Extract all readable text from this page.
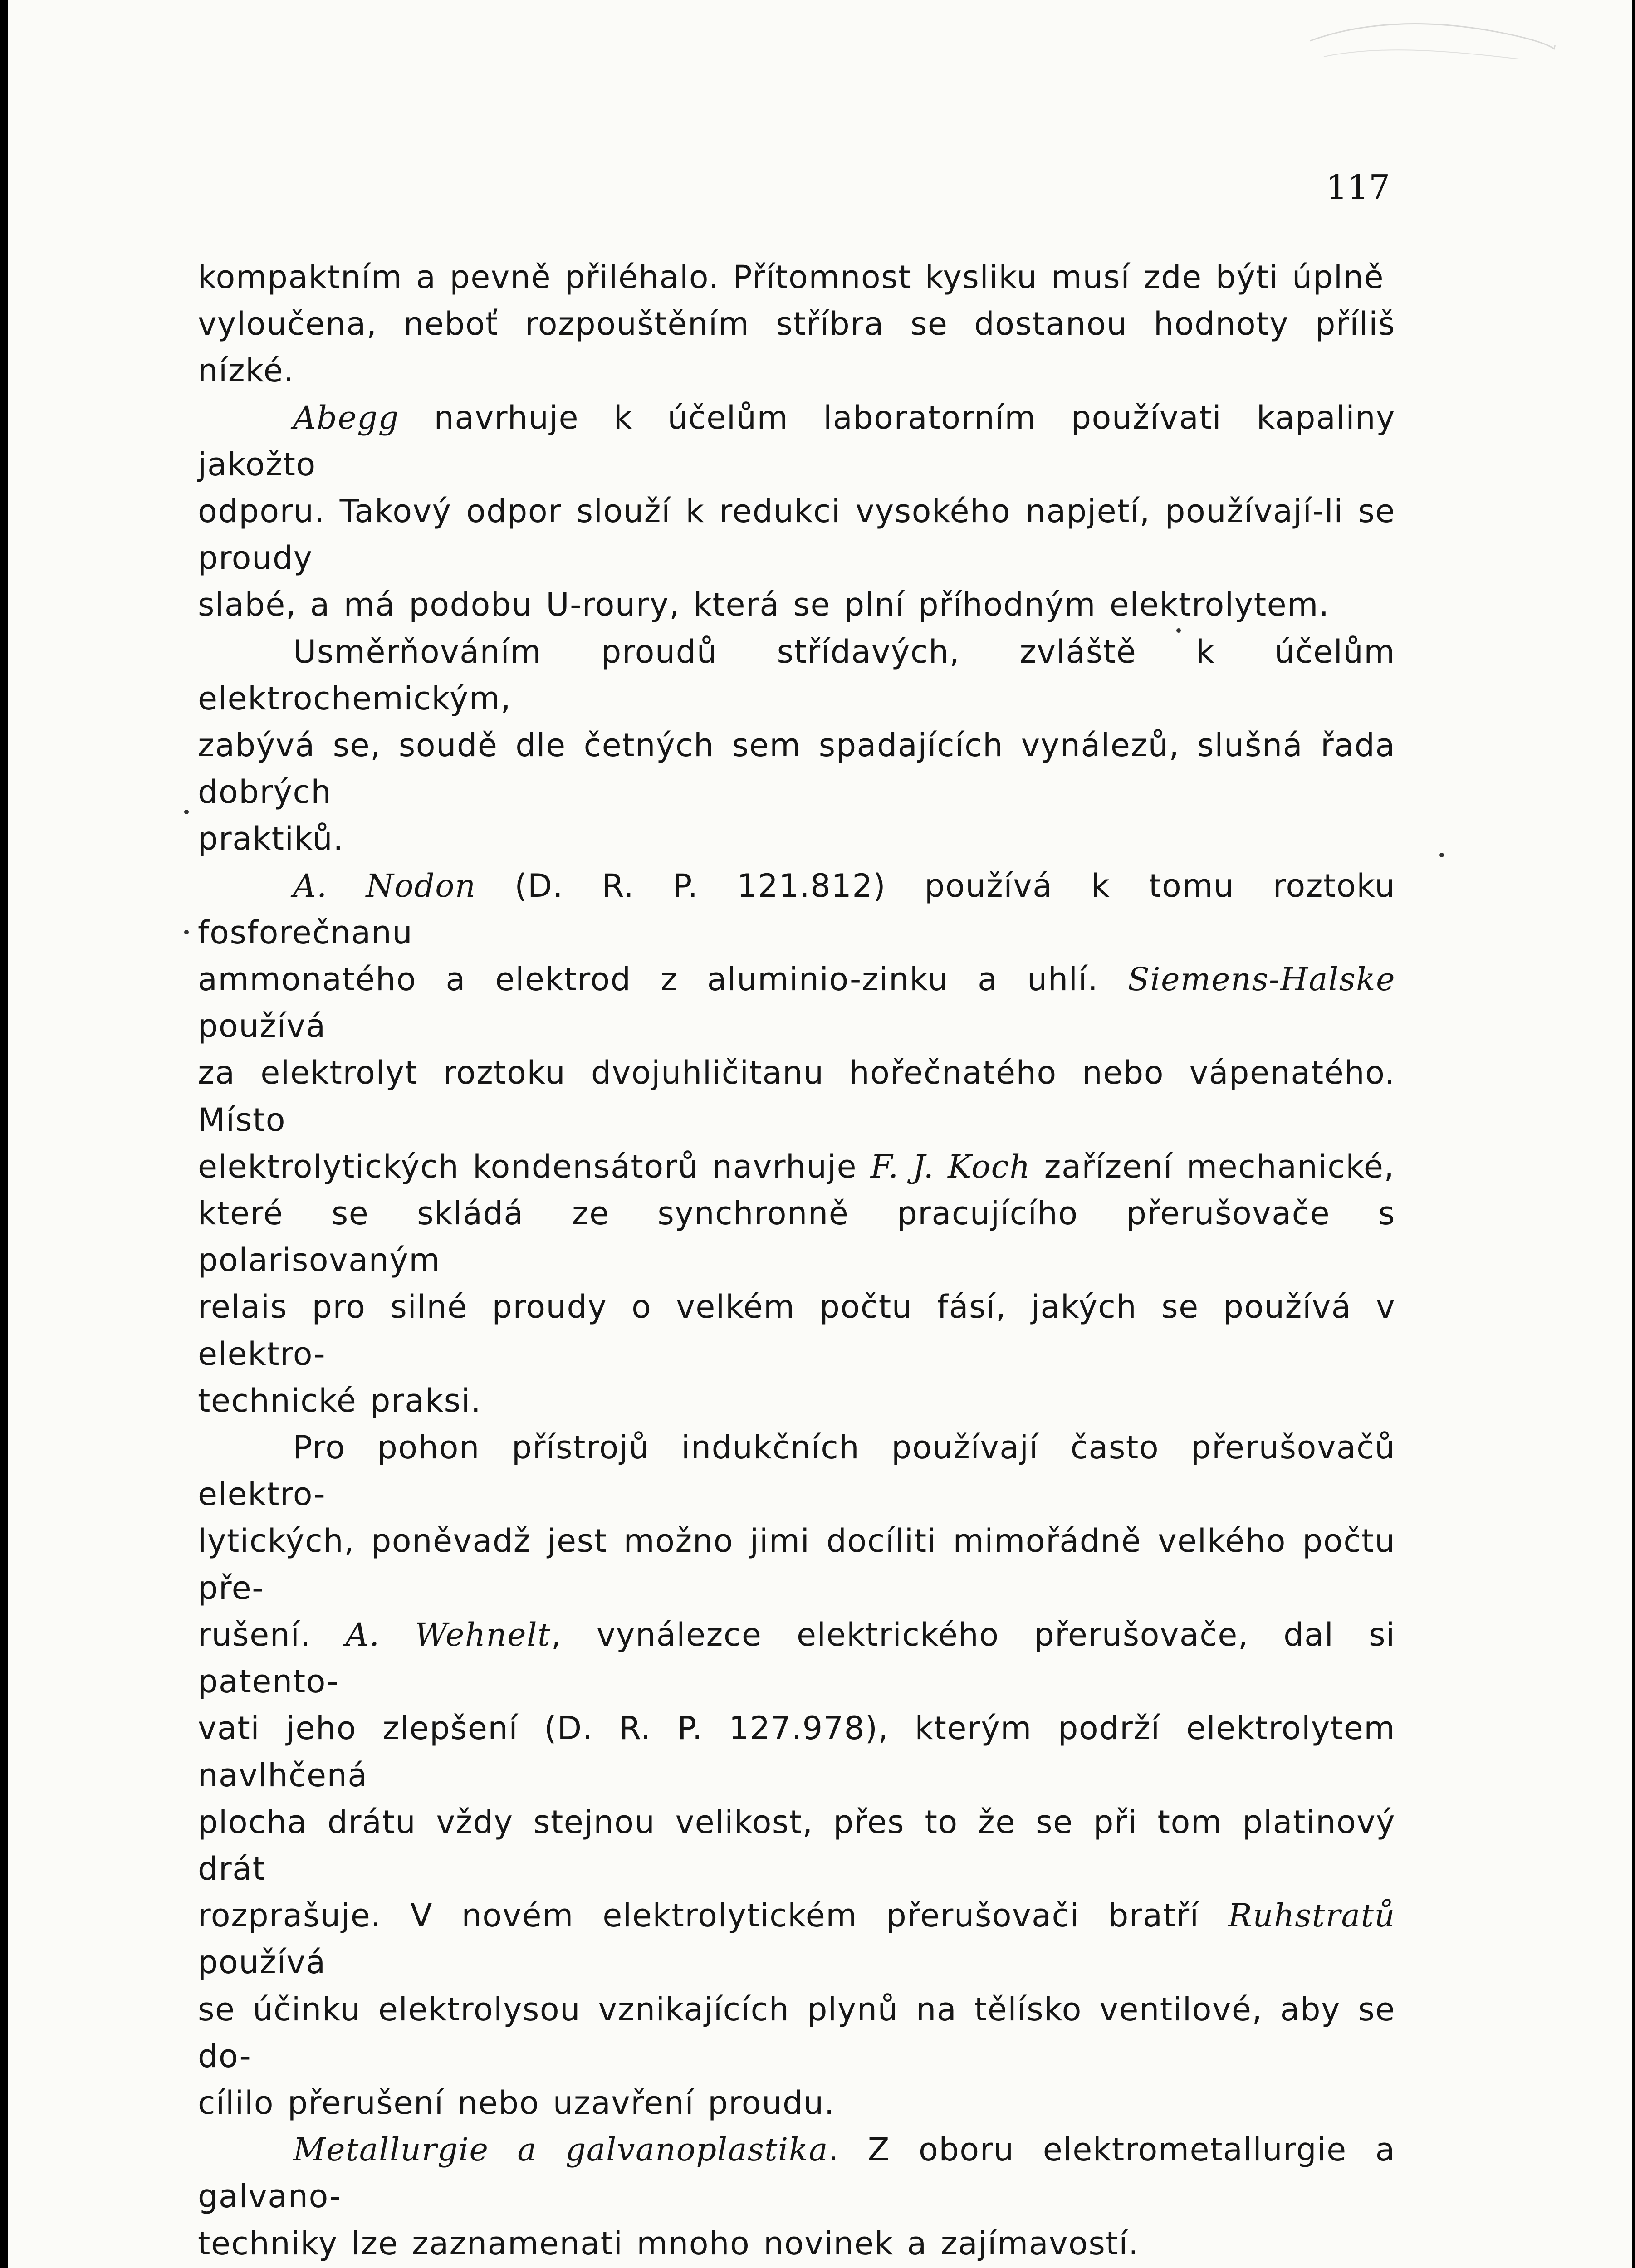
117

kompaktním a pevně přiléhalo. Přítomnost kysliku musí zde býti úplně
vyloučena, neboť rozpouštěním stříbra se dostanou hodnoty příliš nízké.

Abegg navrhuje k účelům laboratorním používati kapaliny jakožto
odporu. Takový odpor slouží k redukci vysokého napjetí, používají-li se proudy
slabé, a má podobu U-roury, která se plní příhodným elektrolytem.

Usměrňováním proudů střídavých, zvláště k účelům elektrochemickým,
zabývá se, soudě dle četných sem spadajících vynálezů, slušná řada dobrých
praktiků.

A. Nodon (D. R. P. 121.812) používá k tomu roztoku fosforečnanu
ammonatého a elektrod z aluminio-zinku a uhlí. Siemens-Halske používá
za elektrolyt roztoku dvojuhličitanu hořečnatého nebo vápenatého. Místo
elektrolytických kondensátorů navrhuje F. J. Koch zařízení mechanické,
které se skládá ze synchronně pracujícího přerušovače s polarisovaným
relais pro silné proudy o velkém počtu fásí, jakých se používá v elektro-
technické praksi.

Pro pohon přístrojů indukčních používají často přerušovačů elektro-
lytických, poněvadž jest možno jimi docíliti mimořádně velkého počtu pře-
rušení. A. Wehnelt, vynálezce elektrického přerušovače, dal si patento-
vati jeho zlepšení (D. R. P. 127.978), kterým podrží elektrolytem navlhčená
plocha drátu vždy stejnou velikost, přes to že se při tom platinový drát
rozprašuje. V novém elektrolytickém přerušovači bratří Ruhstratů používá
se účinku elektrolysou vznikajících plynů na tělísko ventilové, aby se do-
cílilo přerušení nebo uzavření proudu.

Metallurgie a galvanoplastika. Z oboru elektrometallurgie a galvano-
techniky lze zaznamenati mnoho novinek a zajímavostí.
